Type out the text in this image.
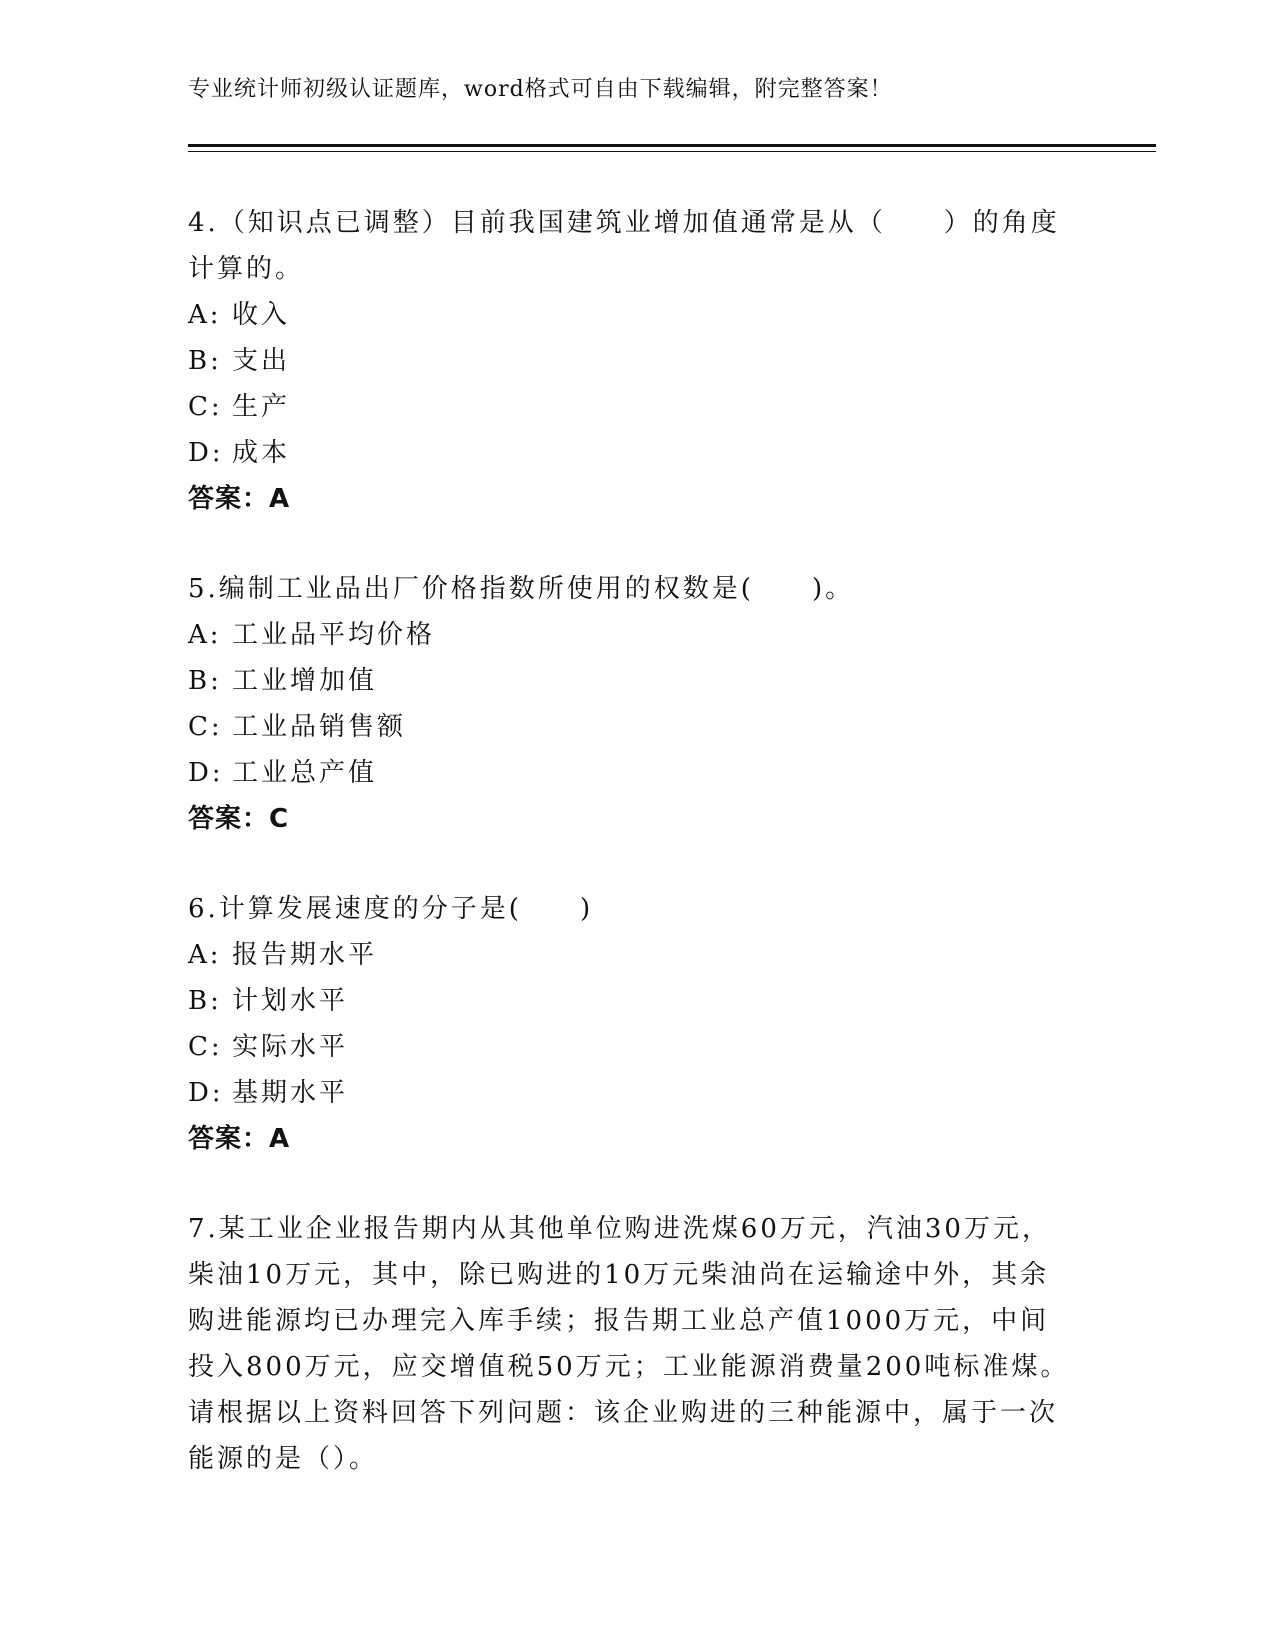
专业统计师初级认证题库，word格式可自由下载编辑，附完整答案！

4.（知识点已调整）目前我国建筑业增加值通常是从（　　）的角度计算的。

A: 收入

B: 支出

C: 生产

D: 成本

答案：A

5.编制工业品出厂价格指数所使用的权数是(　　)。

A: 工业品平均价格

B: 工业增加值

C: 工业品销售额

D: 工业总产值

答案：C

6.计算发展速度的分子是(　　)

A: 报告期水平

B: 计划水平

C: 实际水平

D: 基期水平

答案：A

7.某工业企业报告期内从其他单位购进洗煤60万元，汽油30万元，柴油10万元，其中，除已购进的10万元柴油尚在运输途中外，其余购进能源均已办理完入库手续；报告期工业总产值1000万元，中间投入800万元，应交增值税50万元；工业能源消费量200吨标准煤。请根据以上资料回答下列问题：该企业购进的三种能源中，属于一次能源的是（）。
